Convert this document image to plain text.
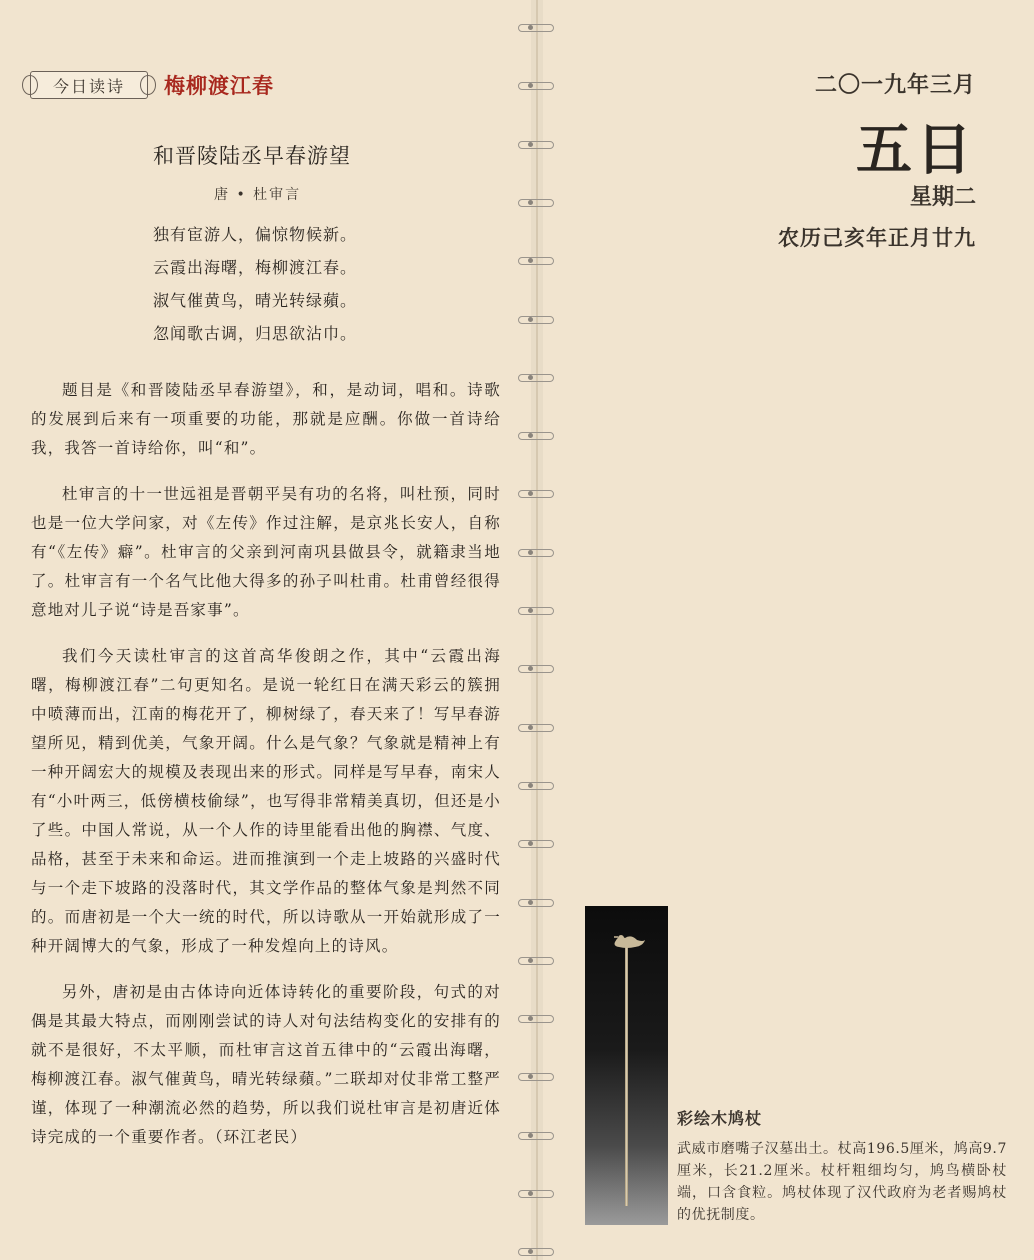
今日读诗 梅柳渡江春
和晋陵陆丞早春游望
唐 • 杜审言
独有宦游人，偏惊物候新。
云霞出海曙，梅柳渡江春。
淑气催黄鸟，晴光转绿蘋。
忽闻歌古调，归思欲沾巾。

题目是《和晋陵陆丞早春游望》，和，是动词，唱和。诗歌的发展到后来有一项重要的功能，那就是应酬。你做一首诗给我，我答一首诗给你，叫“和”。

杜审言的十一世远祖是晋朝平吴有功的名将，叫杜预，同时也是一位大学问家，对《左传》作过注解，是京兆长安人，自称有“《左传》癖”。杜审言的父亲到河南巩县做县令，就籍隶当地了。杜审言有一个名气比他大得多的孙子叫杜甫。杜甫曾经很得意地对儿子说“诗是吾家事”。

我们今天读杜审言的这首高华俊朗之作，其中“云霞出海曙，梅柳渡江春”二句更知名。是说一轮红日在满天彩云的簇拥中喷薄而出，江南的梅花开了，柳树绿了，春天来了！写早春游望所见，精到优美，气象开阔。什么是气象？气象就是精神上有一种开阔宏大的规模及表现出来的形式。同样是写早春，南宋人有“小叶两三，低傍横枝偷绿”，也写得非常精美真切，但还是小了些。中国人常说，从一个人作的诗里能看出他的胸襟、气度、品格，甚至于未来和命运。进而推演到一个走上坡路的兴盛时代与一个走下坡路的没落时代，其文学作品的整体气象是判然不同的。而唐初是一个大一统的时代，所以诗歌从一开始就形成了一种开阔博大的气象，形成了一种发煌向上的诗风。

另外，唐初是由古体诗向近体诗转化的重要阶段，句式的对偶是其最大特点，而刚刚尝试的诗人对句法结构变化的安排有的就不是很好，不太平顺，而杜审言这首五律中的“云霞出海曙，梅柳渡江春。淑气催黄鸟，晴光转绿蘋。”二联却对仗非常工整严谨，体现了一种潮流必然的趋势，所以我们说杜审言是初唐近体诗完成的一个重要作者。（环江老民）

二〇一九年三月
五日
星期二
农历己亥年正月廿九
彩绘木鸠杖
武威市磨嘴子汉墓出土。杖高196.5厘米，鸠高9.7厘米，长21.2厘米。杖杆粗细均匀，鸠鸟横卧杖端，口含食粒。鸠杖体现了汉代政府为老者赐鸠杖的优抚制度。
